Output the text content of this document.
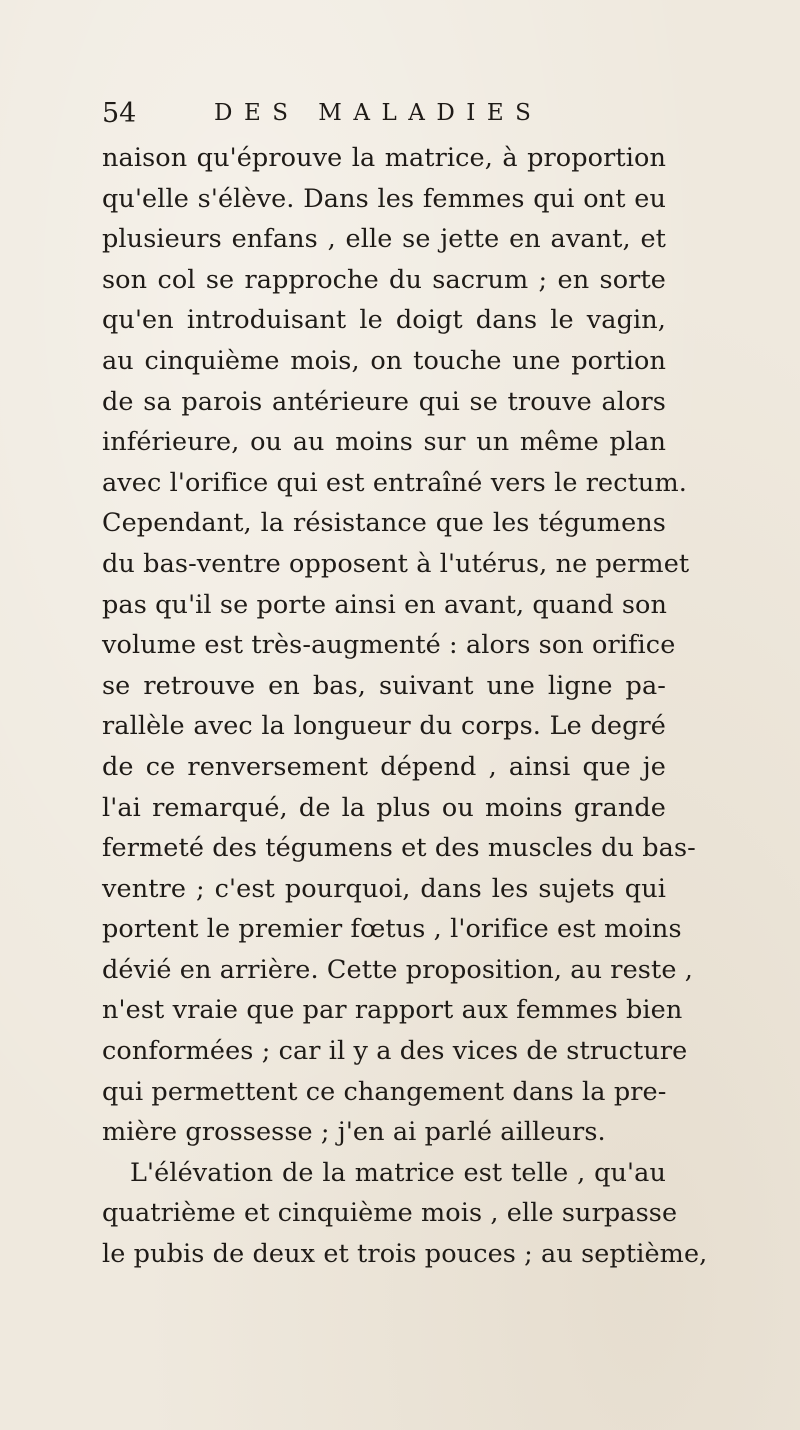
54	DES MALADIES
naison qu'éprouve la matrice, à proportion
qu'elle s'élève. Dans les femmes qui ont eu
plusieurs enfans , elle se jette en avant, et
son col se rapproche du sacrum ; en sorte
qu'en introduisant le doigt dans le vagin,
au cinquième mois, on touche une portion
de sa parois antérieure qui se trouve alors
inférieure, ou au moins sur un même plan
avec l'orifice qui est entraîné vers le rectum.
Cependant, la résistance que les tégumens
du bas-ventre opposent à l'utérus, ne permet
pas qu'il se porte ainsi en avant, quand son
volume est très-augmenté : alors son orifice
se retrouve en bas, suivant une ligne pa-
rallèle avec la longueur du corps. Le degré
de ce renversement dépend , ainsi que je
l'ai remarqué, de la plus ou moins grande
fermeté des tégumens et des muscles du bas-
ventre ; c'est pourquoi, dans les sujets qui
portent le premier fœtus , l'orifice est moins
dévié en arrière. Cette proposition, au reste ,
n'est vraie que par rapport aux femmes bien
conformées ; car il y a des vices de structure
qui permettent ce changement dans la pre-
mière grossesse ; j'en ai parlé ailleurs.
L'élévation de la matrice est telle , qu'au
quatrième et cinquième mois , elle surpasse
le pubis de deux et trois pouces ; au septième,
